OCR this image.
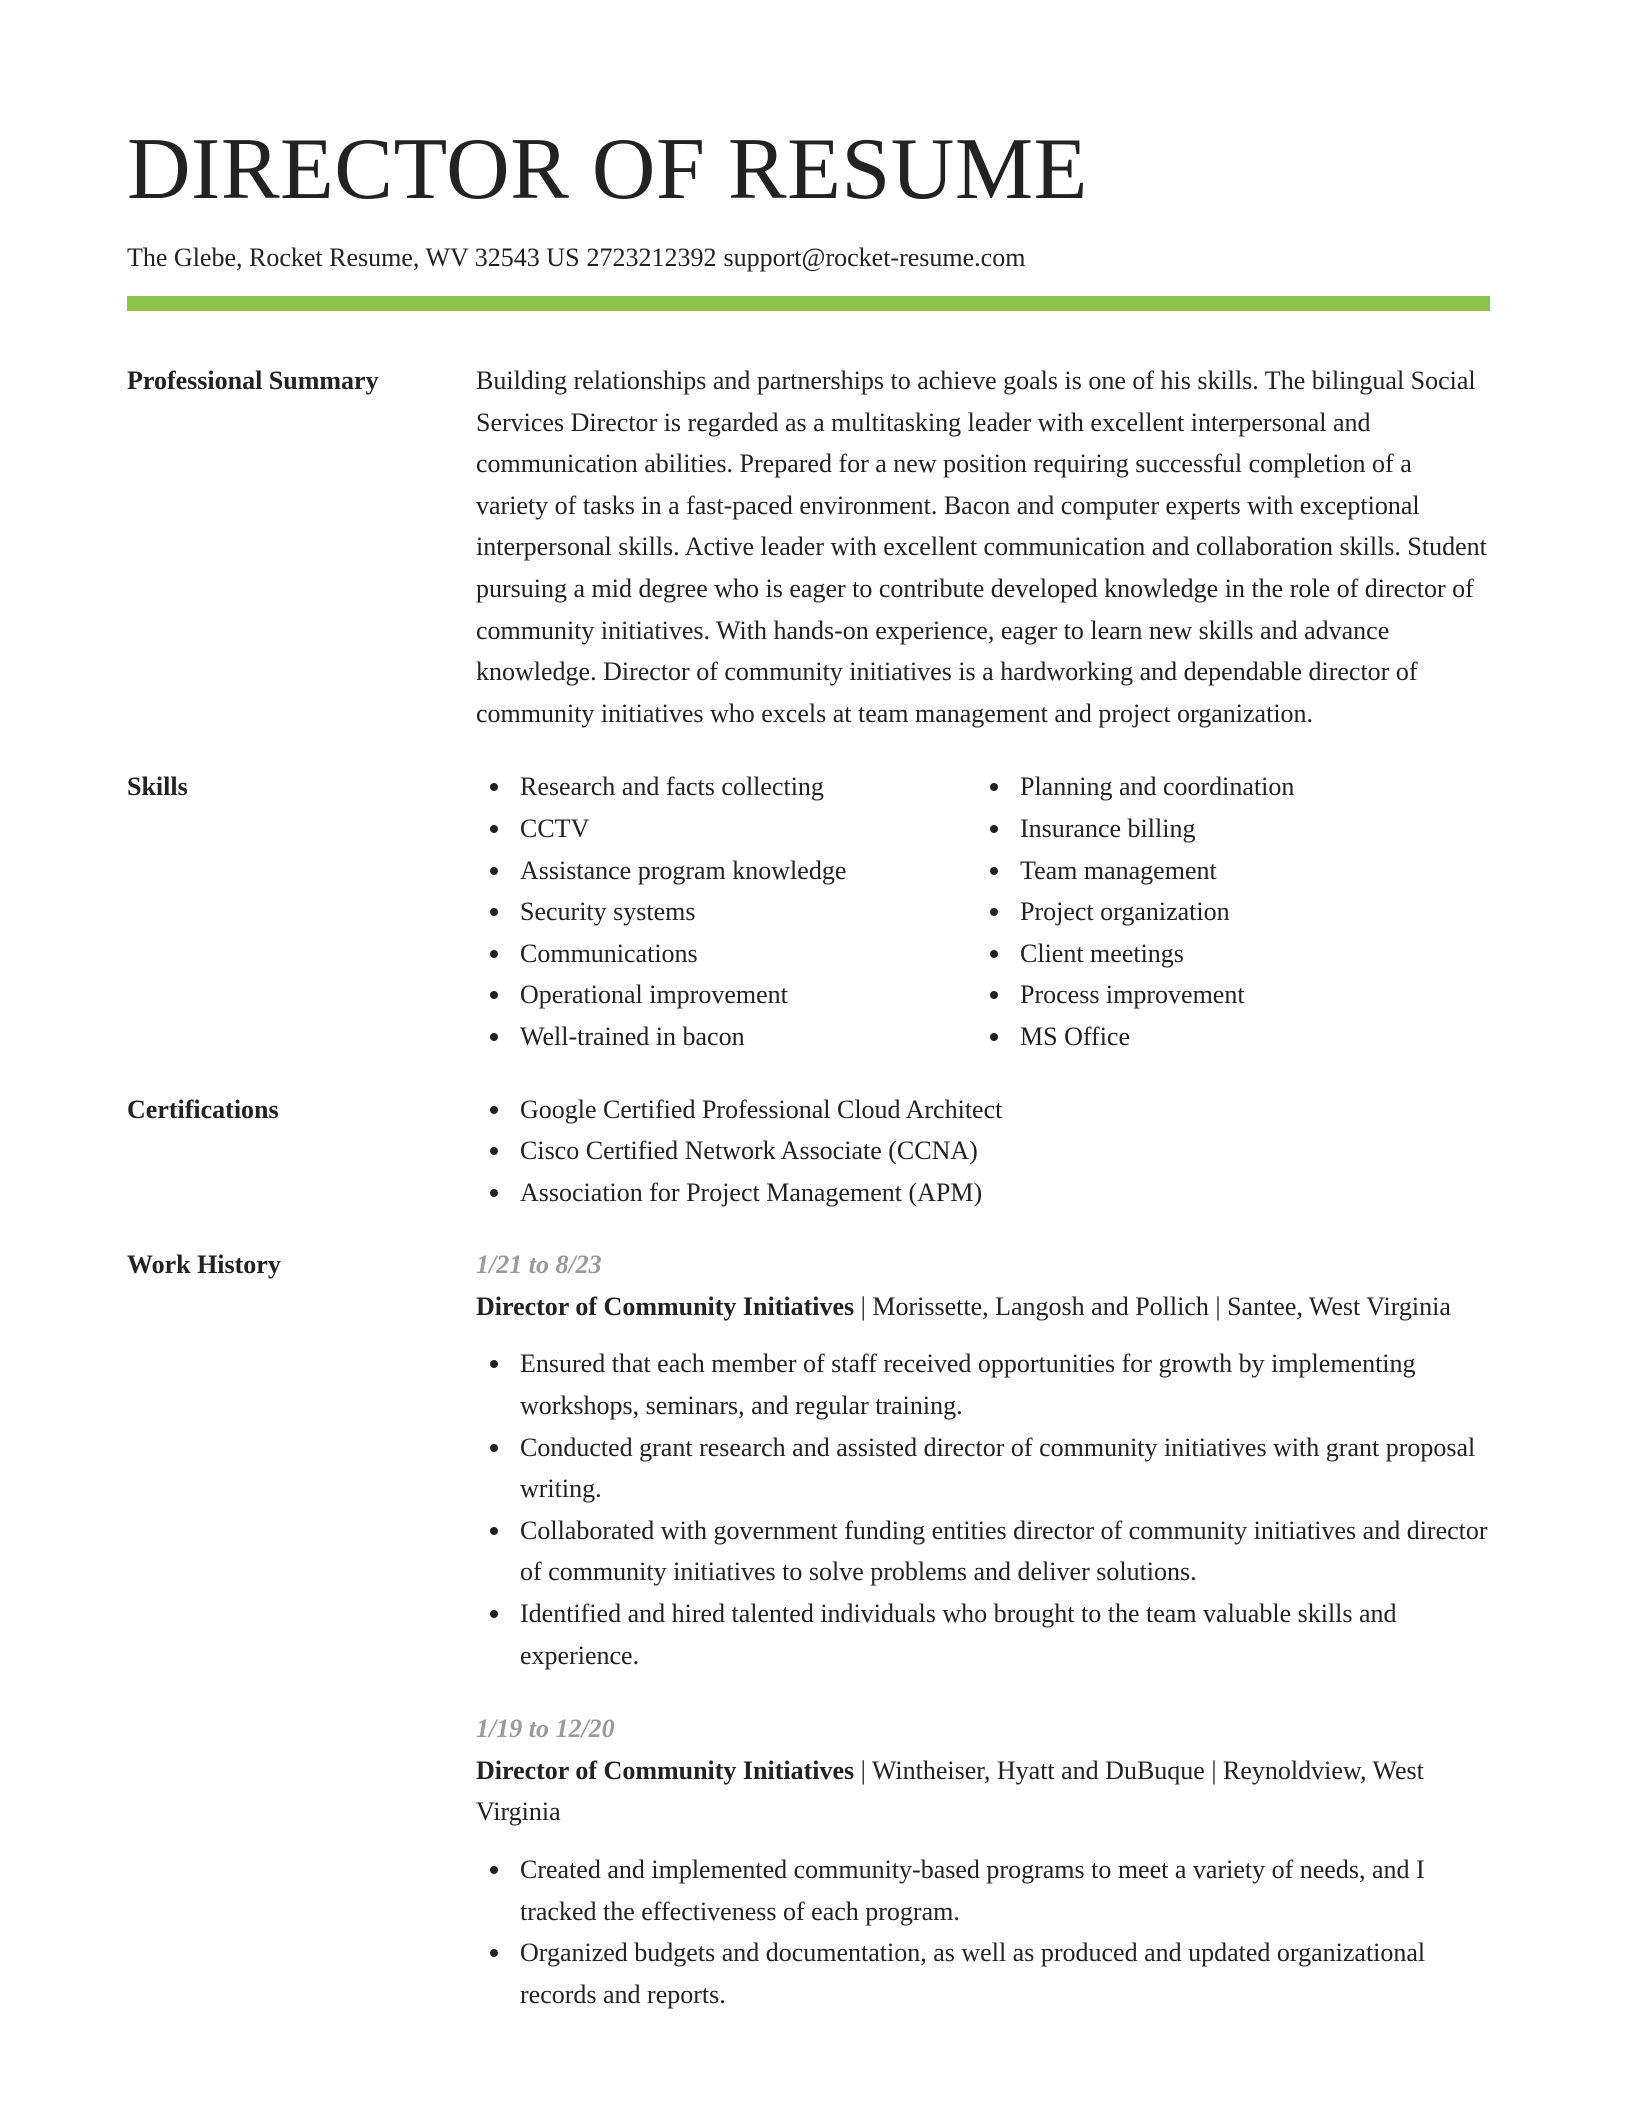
DIRECTOR OF RESUME
The Glebe, Rocket Resume, WV 32543 US 2723212392 support@rocket-resume.com
Professional Summary	Building relationships and partnerships to achieve goals is one of his skills. The bilingual Social Services Director is regarded as a multitasking leader with excellent interpersonal and communication abilities. Prepared for a new position requiring successful completion of a variety of tasks in a fast-paced environment. Bacon and computer experts with exceptional interpersonal skills. Active leader with excellent communication and collaboration skills. Student pursuing a mid degree who is eager to contribute developed knowledge in the role of director of community initiatives. With hands-on experience, eager to learn new skills and advance knowledge. Director of community initiatives is a hardworking and dependable director of community initiatives who excels at team management and project organization.
Skills	Research and facts collecting
CCTV
Assistance program knowledge
Security systems
Communications
Operational improvement
Well-trained in bacon
Planning and coordination
Insurance billing
Team management
Project organization
Client meetings
Process improvement
MS Office
Certifications	Google Certified Professional Cloud Architect
Cisco Certified Network Associate (CCNA)
Association for Project Management (APM)
Work History	1/21 to 8/23
Director of Community Initiatives | Morissette, Langosh and Pollich | Santee, West Virginia
Ensured that each member of staff received opportunities for growth by implementing workshops, seminars, and regular training.
Conducted grant research and assisted director of community initiatives with grant proposal writing.
Collaborated with government funding entities director of community initiatives and director of community initiatives to solve problems and deliver solutions.
Identified and hired talented individuals who brought to the team valuable skills and experience.
1/19 to 12/20
Director of Community Initiatives | Wintheiser, Hyatt and DuBuque | Reynoldview, West Virginia
Created and implemented community-based programs to meet a variety of needs, and I tracked the effectiveness of each program.
Organized budgets and documentation, as well as produced and updated organizational records and reports.
